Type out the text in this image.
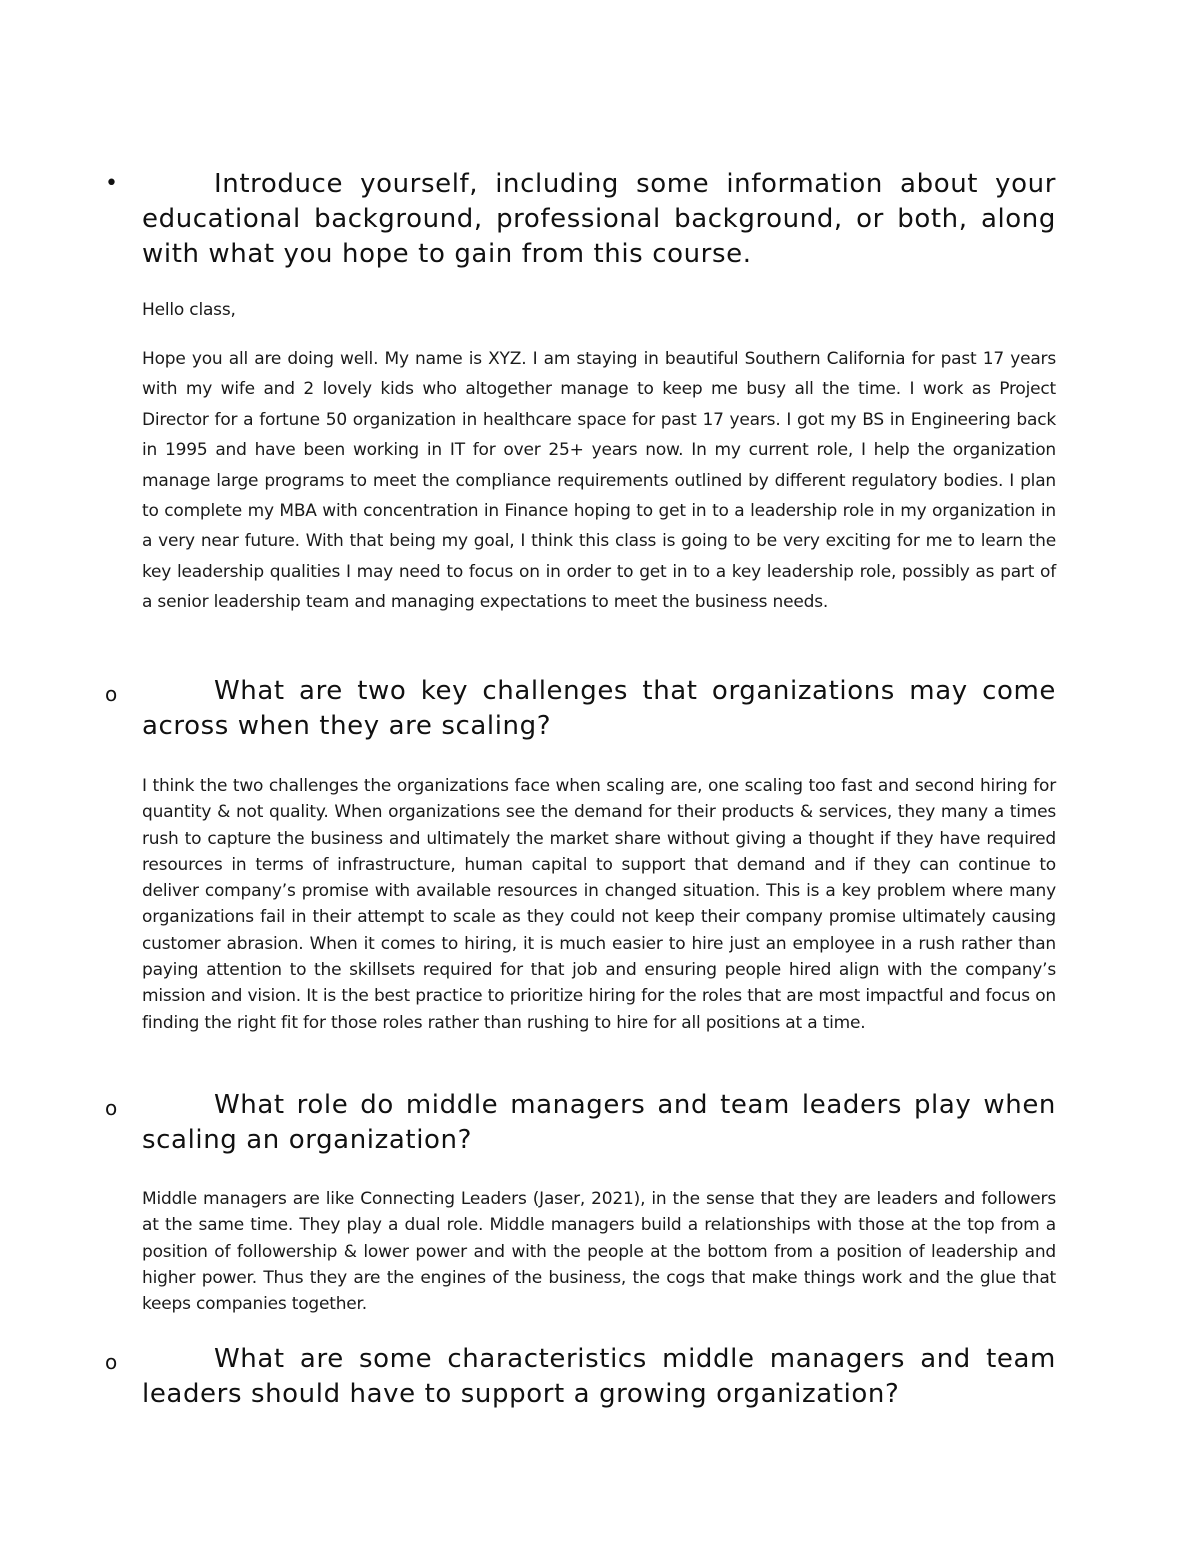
•	Introduce yourself, including some information about your educational background, professional background, or both, along with what you hope to gain from this course.
Hello class,
Hope you all are doing well. My name is XYZ. I am staying in beautiful Southern California for past 17 years with my wife and 2 lovely kids who altogether manage to keep me busy all the time. I work as Project Director for a fortune 50 organization in healthcare space for past 17 years. I got my BS in Engineering back in 1995 and have been working in IT for over 25+ years now. In my current role, I help the organization manage large programs to meet the compliance requirements outlined by different regulatory bodies. I plan to complete my MBA with concentration in Finance hoping to get in to a leadership role in my organization in a very near future. With that being my goal, I think this class is going to be very exciting for me to learn the key leadership qualities I may need to focus on in order to get in to a key leadership role, possibly as part of a senior leadership team and managing expectations to meet the business needs.
o	What are two key challenges that organizations may come across when they are scaling?
I think the two challenges the organizations face when scaling are, one scaling too fast and second hiring for quantity & not quality. When organizations see the demand for their products & services, they many a times rush to capture the business and ultimately the market share without giving a thought if they have required resources in terms of infrastructure, human capital to support that demand and if they can continue to deliver company’s promise with available resources in changed situation. This is a key problem where many organizations fail in their attempt to scale as they could not keep their company promise ultimately causing customer abrasion. When it comes to hiring, it is much easier to hire just an employee in a rush rather than paying attention to the skillsets required for that job and ensuring people hired align with the company’s mission and vision. It is the best practice to prioritize hiring for the roles that are most impactful and focus on finding the right fit for those roles rather than rushing to hire for all positions at a time.
o	What role do middle managers and team leaders play when scaling an organization?
Middle managers are like Connecting Leaders (Jaser, 2021), in the sense that they are leaders and followers at the same time. They play a dual role. Middle managers build a relationships with those at the top from a position of followership & lower power and with the people at the bottom from a position of leadership and higher power. Thus they are the engines of the business, the cogs that make things work and the glue that keeps companies together.
o	What are some characteristics middle managers and team leaders should have to support a growing organization?
